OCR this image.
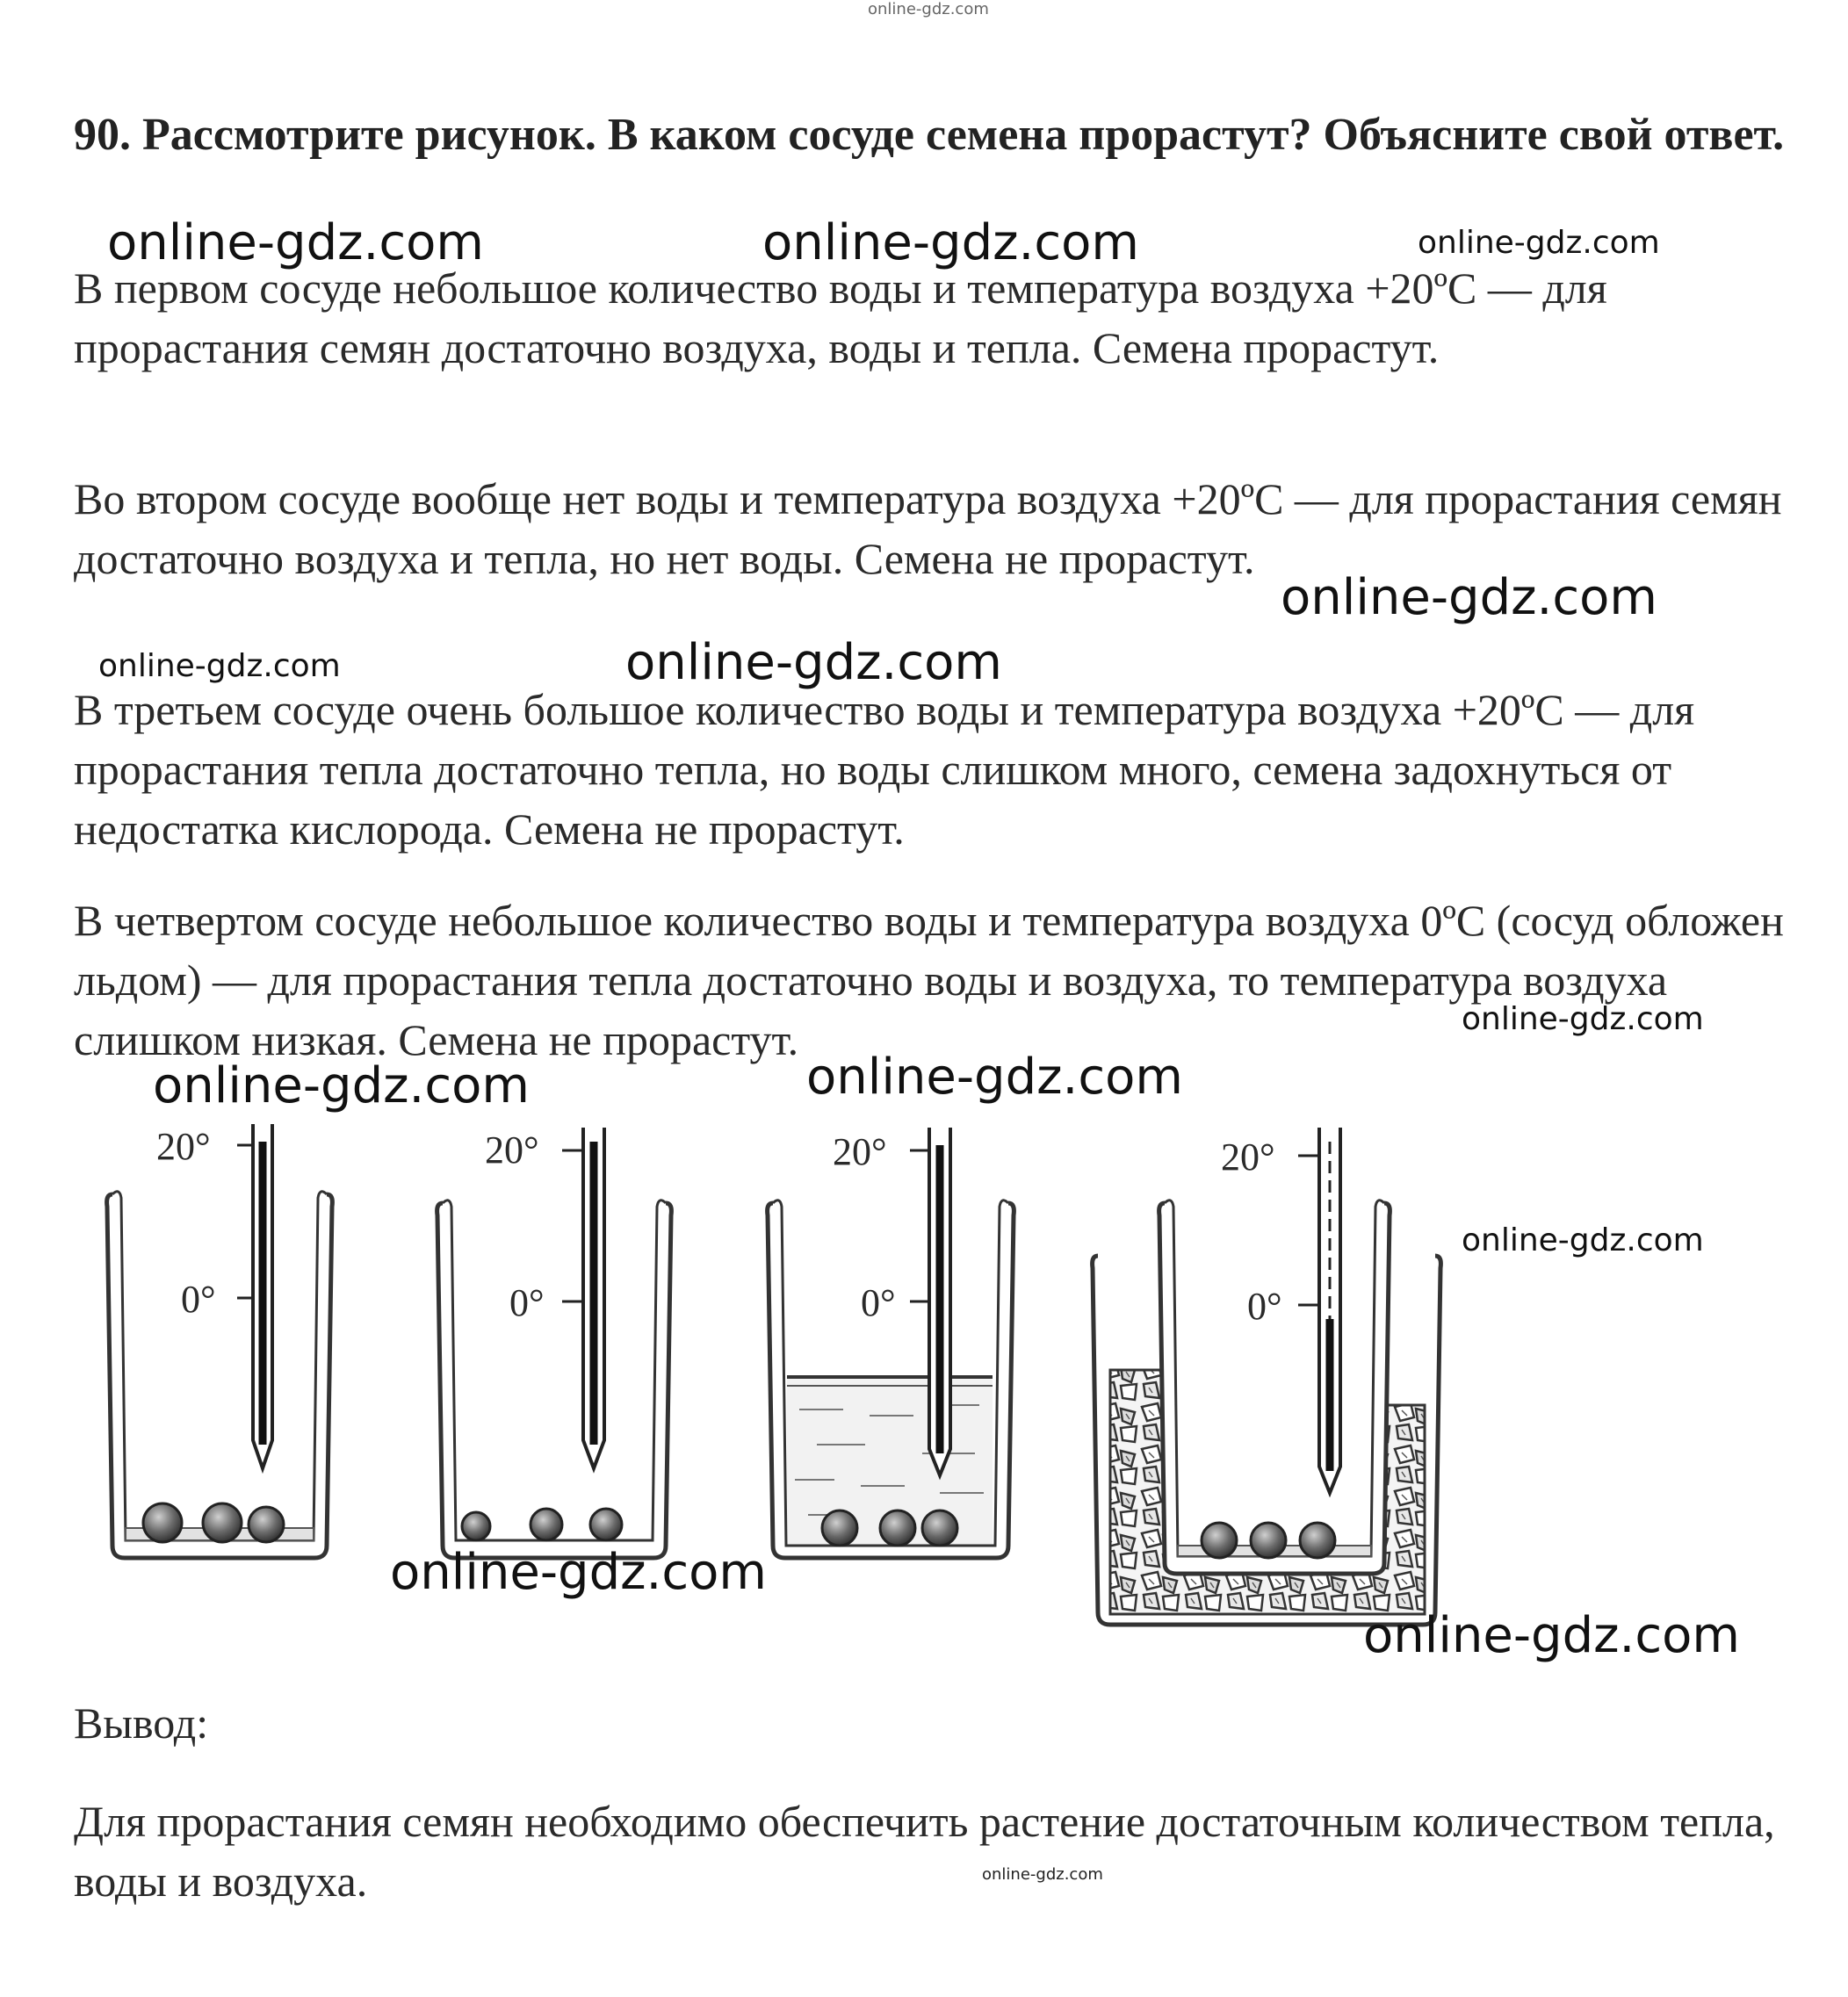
online-gdz.com
90. Рассмотрите рисунок. В каком сосуде семена прорастут? Объясните свой ответ.
В первом сосуде небольшое количество воды и температура воздуха +20ºC — для прорастания семян достаточно воздуха, воды и тепла. Семена прорастут.
Во втором сосуде вообще нет воды и температура воздуха +20ºC — для прорастания семян достаточно воздуха и тепла, но нет воды. Семена не прорастут.
В третьем сосуде очень большое количество воды и температура воздуха +20ºC — для прорастания тепла достаточно тепла, но воды слишком много, семена задохнуться от недостатка кислорода. Семена не прорастут.
В четвертом сосуде небольшое количество воды и температура воздуха 0ºC (сосуд обложен льдом) — для прорастания тепла достаточно воды и воздуха, то температура воздуха слишком низкая. Семена не прорастут.
20°
0°
20°
0°
20°
0°
20°
0°
Вывод:
Для прорастания семян необходимо обеспечить растение достаточным количеством тепла, воды и воздуха.
online-gdz.com	online-gdz.com	online-gdz.com
online-gdz.com
online-gdz.com	online-gdz.com
online-gdz.com
online-gdz.com	online-gdz.com
online-gdz.com
online-gdz.com
online-gdz.com
online-gdz.com
